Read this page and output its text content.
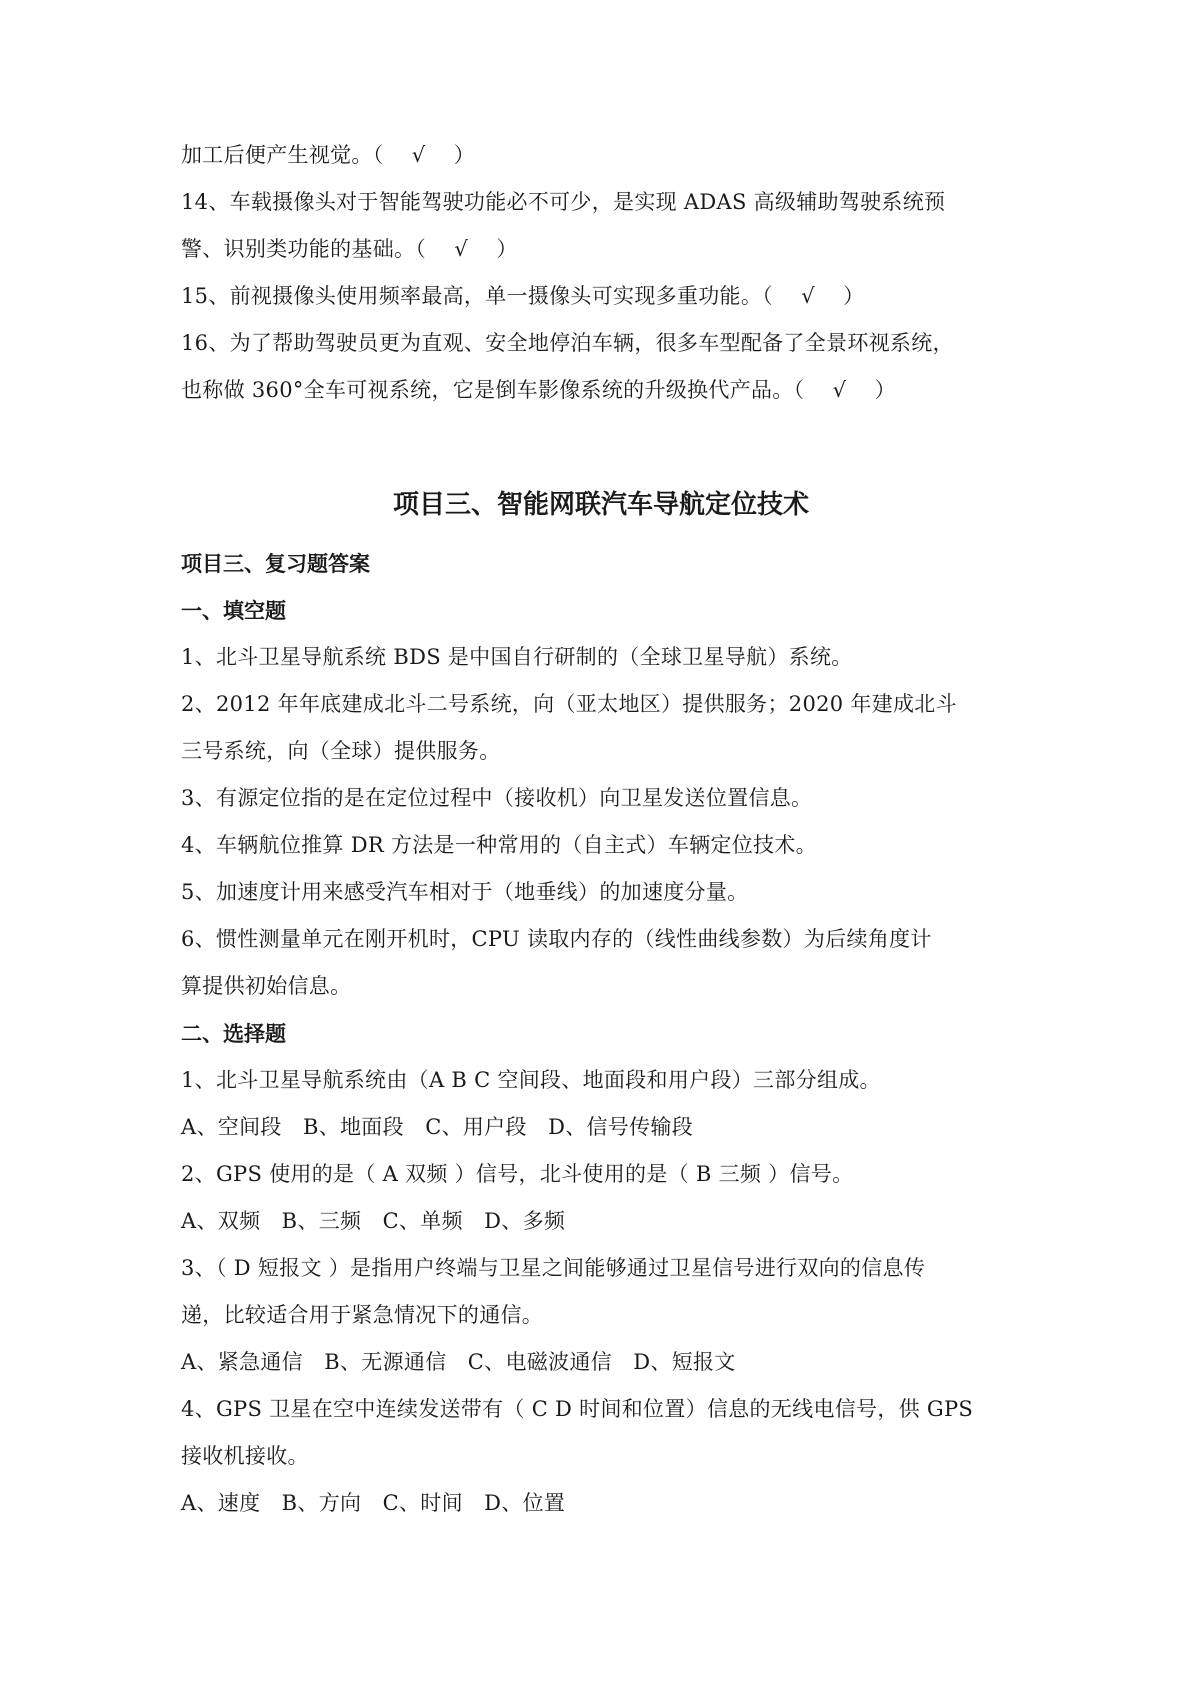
加工后便产生视觉。（　 √　 ）
14、车载摄像头对于智能驾驶功能必不可少，是实现 ADAS 高级辅助驾驶系统预
警、识别类功能的基础。（　 √　 ）
15、前视摄像头使用频率最高，单一摄像头可实现多重功能。（　 √　 ）
16、为了帮助驾驶员更为直观、安全地停泊车辆，很多车型配备了全景环视系统，
也称做 360°全车可视系统，它是倒车影像系统的升级换代产品。（　 √　 ）
项目三、智能网联汽车导航定位技术
项目三、复习题答案
一、填空题
1、北斗卫星导航系统 BDS 是中国自行研制的（全球卫星导航）系统。
2、2012 年年底建成北斗二号系统，向（亚太地区）提供服务；2020 年建成北斗
三号系统，向（全球）提供服务。
3、有源定位指的是在定位过程中（接收机）向卫星发送位置信息。
4、车辆航位推算 DR 方法是一种常用的（自主式）车辆定位技术。
5、加速度计用来感受汽车相对于（地垂线）的加速度分量。
6、惯性测量单元在刚开机时，CPU 读取内存的（线性曲线参数）为后续角度计
算提供初始信息。
二、选择题
1、北斗卫星导航系统由（A B C 空间段、地面段和用户段）三部分组成。
A、空间段　B、地面段　C、用户段　D、信号传输段
2、GPS 使用的是（ A 双频 ）信号，北斗使用的是（ B 三频 ）信号。
A、双频　B、三频　C、单频　D、多频
3、（ D 短报文 ）是指用户终端与卫星之间能够通过卫星信号进行双向的信息传
递，比较适合用于紧急情况下的通信。
A、紧急通信　B、无源通信　C、电磁波通信　D、短报文
4、GPS 卫星在空中连续发送带有（ C D 时间和位置）信息的无线电信号，供 GPS
接收机接收。
A、速度　B、方向　C、时间　D、位置
